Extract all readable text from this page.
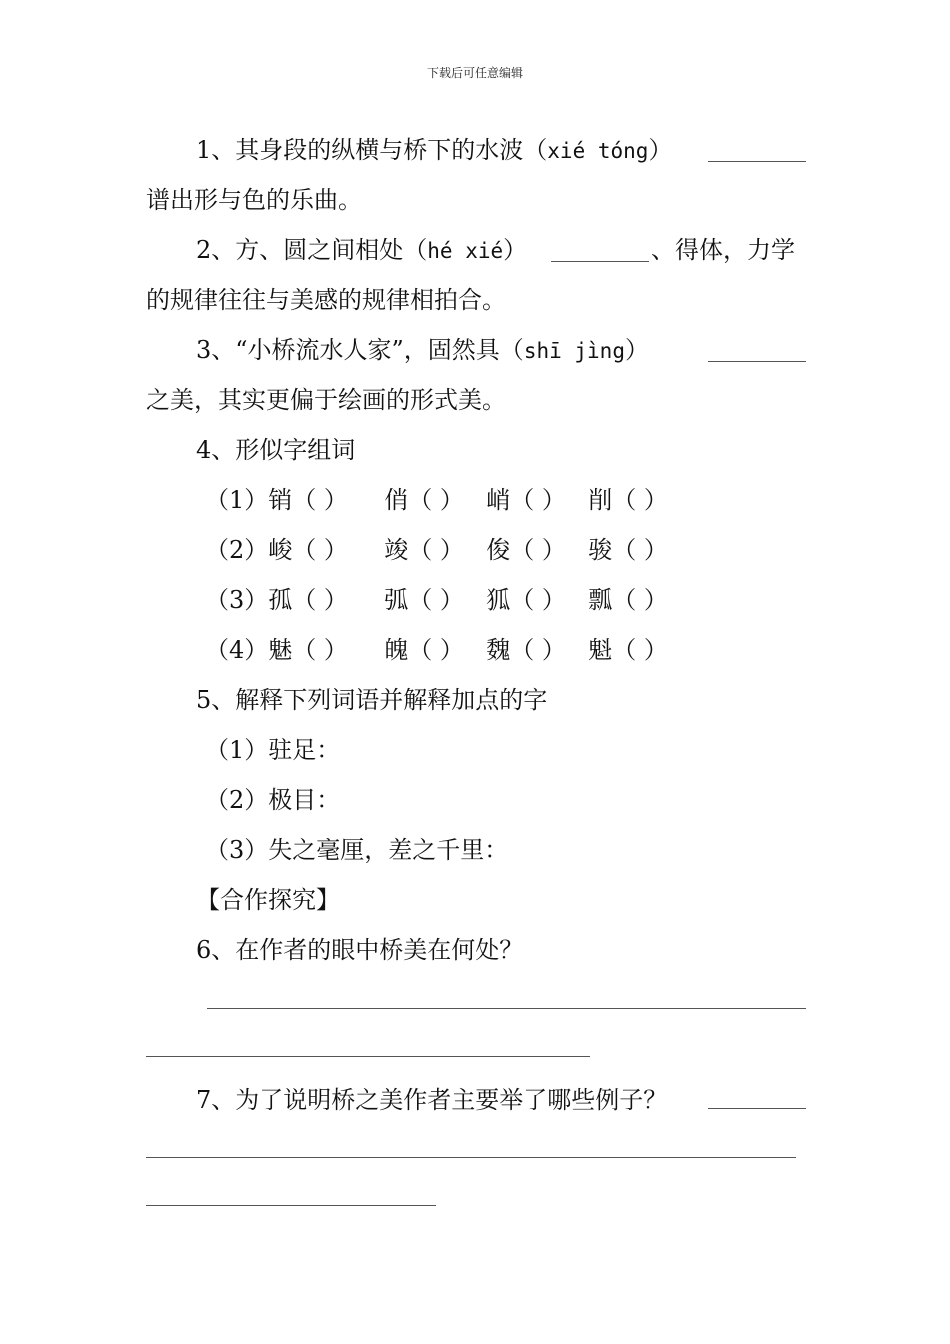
下载后可任意编辑
1、其身段的纵横与桥下的水波（xié tóng）
谱出形与色的乐曲。
2、方、圆之间相处（hé xié）	、得体，力学
的规律往往与美感的规律相拍合。
3、“小桥流水人家”，固然具（shī jìng）
之美，其实更偏于绘画的形式美。
4、形似字组词
（1）销（ ） 俏（ ） 峭（ ） 削（ ）
（2）峻（ ） 竣（ ） 俊（ ） 骏（ ）
（3）孤（ ） 弧（ ） 狐（ ） 瓢（ ）
（4）魅（ ） 魄（ ） 魏（ ） 魁（ ）
5、解释下列词语并解释加点的字
（1）驻足：
（2）极目：
（3）失之毫厘，差之千里：
【合作探究】
6、在作者的眼中桥美在何处？
7、为了说明桥之美作者主要举了哪些例子？
